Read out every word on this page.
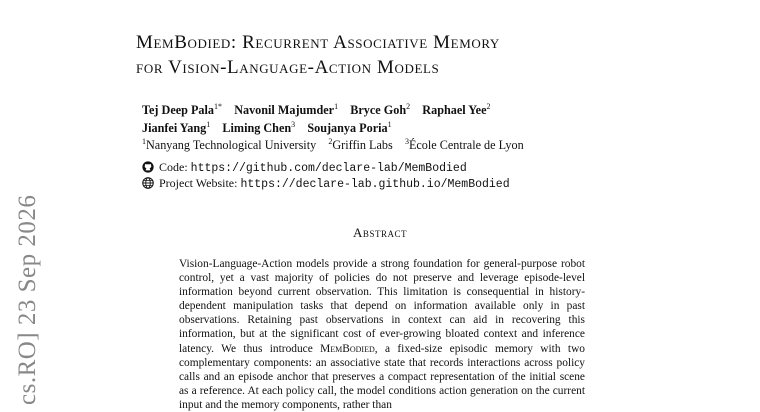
MemBodied: Recurrent Associative Memory
for Vision-Language-Action Models
Tej Deep Pala$^{1*}$ Navonil Majumder$^1$ Bryce Goh$^2$ Raphael Yee$^2$
Jianfei Yang$^1$ Liming Chen$^3$ Soujanya Poria$^1$
$^1$Nanyang Technological University $^2$Griffin Labs $^3$École Centrale de Lyon
Code: https://github.com/declare-lab/MemBodied
Project Website: https://declare-lab.github.io/MemBodied
Abstract
Vision-Language-Action models provide a strong foundation for general-purpose robot control, yet a vast majority of policies do not preserve and leverage episode-level information beyond current observation. This limitation is consequential in history-dependent manipulation tasks that depend on information available only in past observations. Retaining past observations in context can aid in recovering this information, but at the significant cost of ever-growing bloated context and inference latency. We thus introduce MemBodied, a fixed-size episodic memory with two complementary components: an associative state that records interactions across policy calls and an episode anchor that preserves a compact representation of the initial scene as a reference. At each policy call, the model conditions action generation on the current input and the memory components, rather than
cs.RO] 23 Sep 2026
